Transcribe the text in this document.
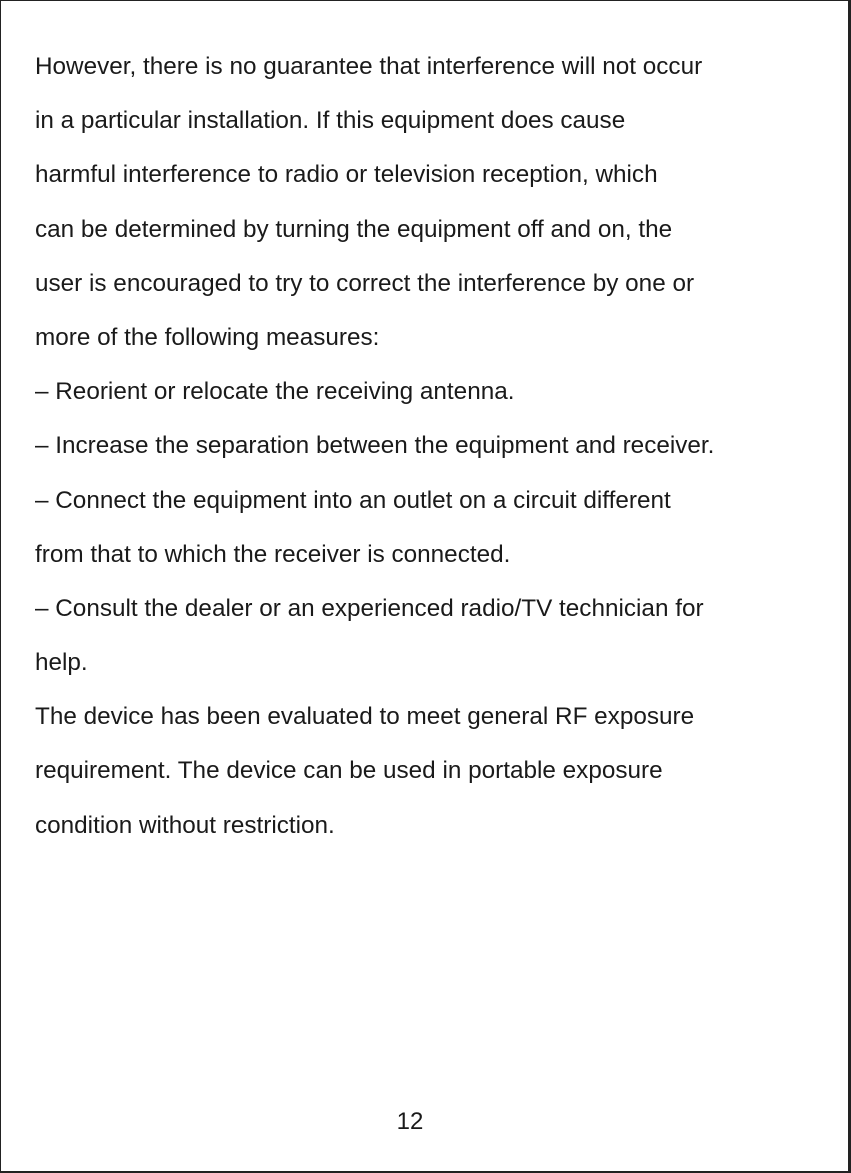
However, there is no guarantee that interference will not occur
in a particular installation. If this equipment does cause
harmful interference to radio or television reception, which
can be determined by turning the equipment off and on, the
user is encouraged to try to correct the interference by one or
more of the following measures:
– Reorient or relocate the receiving antenna.
– Increase the separation between the equipment and receiver.
– Connect the equipment into an outlet on a circuit different
from that to which the receiver is connected.
– Consult the dealer or an experienced radio/TV technician for
help.
The device has been evaluated to meet general RF exposure
requirement. The device can be used in portable exposure
condition without restriction.
12
